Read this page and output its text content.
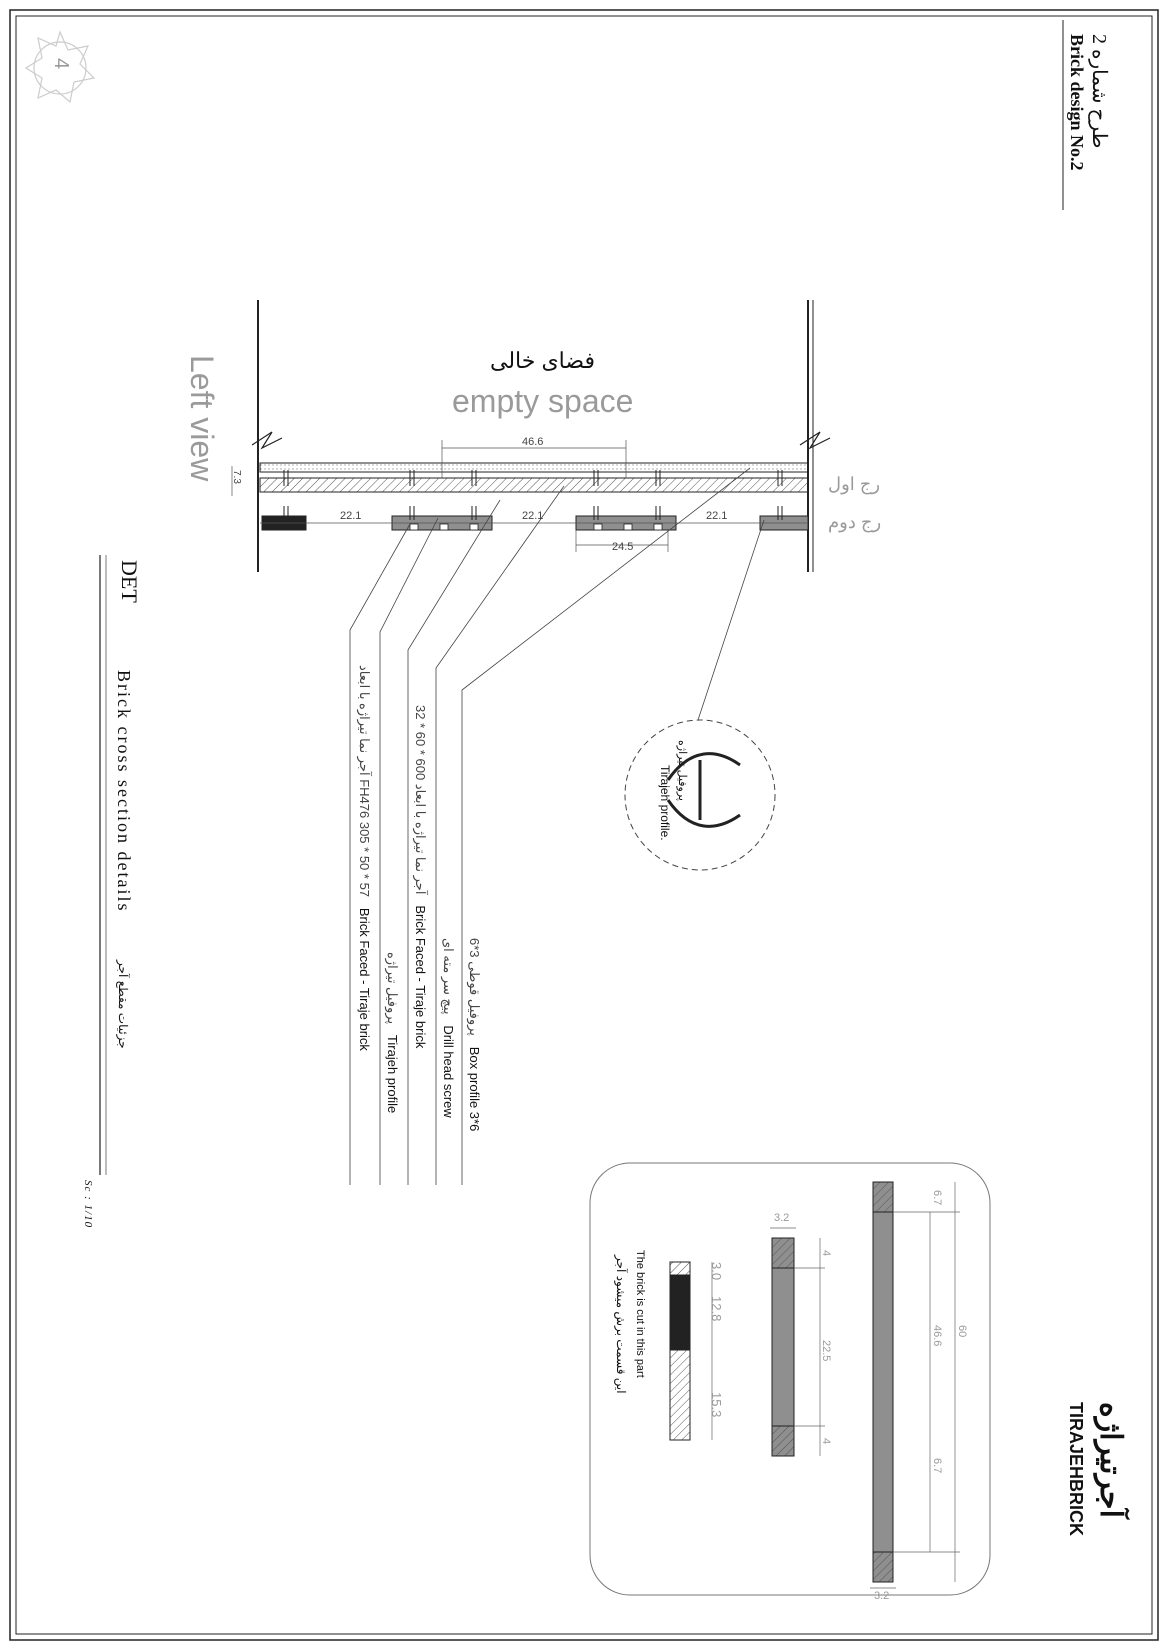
طرح شماره 2
Brick design No.2
4
Left view	فضای خالی
empty space
رج اول
رج دوم
46.6
22.1	22.1	22.1
24.5
7.3
پروفیل تیراژه
Tirajeh profile.
پروفیل قوطی 3*6   Box profile 3*6
پیچ سر مته ای   Drill head screw
آجر نما تیراژه با ابعاد 600 * 60 * 32   Brick Faced - Tiraje brick
پروفیل تیراژه   Tirajeh profile
آجر نما تیراژه با ابعاد FH476 305 * 50 * 57   Brick Faced - Tiraje brick
DET
Brick cross section details
جزئیات مقطع آجر
Sc : 1/10
60
46.6
6.7
6.7
3.2
3.2
22.5
4
4
3.0
12.8
15.3
The brick is cut in this part
این قسمت برش میشود آجر
آجرتیراژه
TIRAJEHBRICK
